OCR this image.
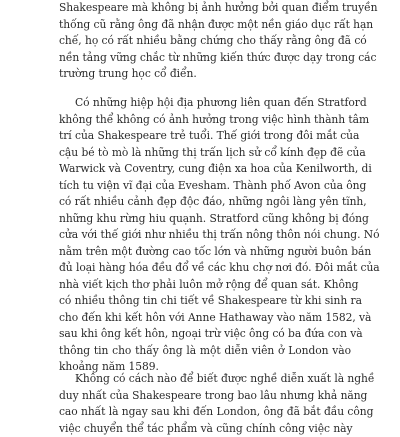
Shakespeare mà không bị ảnh hưởng bởi quan điểm truyền
thống cũ rằng ông đã nhận được một nền giáo dục rất hạn
chế, họ có rất nhiều bằng chứng cho thấy rằng ông đã có
nền tảng vững chắc từ những kiến thức được dạy trong các
trường trung học cổ điển.
Có những hiệp hội địa phương liên quan đến Stratford
không thể không có ảnh hưởng trong việc hình thành tâm
trí của Shakespeare trẻ tuổi. Thế giới trong đôi mắt của
cậu bé tò mò là những thị trấn lịch sử cổ kính đẹp đẽ của
Warwick và Coventry, cung điện xa hoa của Kenilworth, di
tích tu viện vĩ đại của Evesham. Thành phố Avon của ông
có rất nhiều cảnh đẹp độc đáo, những ngôi làng yên tĩnh,
những khu rừng hiu quạnh. Stratford cũng không bị đóng
cửa với thế giới như nhiều thị trấn nông thôn nói chung. Nó
nằm trên một đường cao tốc lớn và những người buôn bán
đủ loại hàng hóa đều đổ về các khu chợ nơi đó. Đôi mắt của
nhà viết kịch thơ phải luôn mở rộng để quan sát. Không
có nhiều thông tin chi tiết về Shakespeare từ khi sinh ra
cho đến khi kết hôn với Anne Hathaway vào năm 1582, và
sau khi ông kết hôn, ngoại trừ việc ông có ba đứa con và
thông tin cho thấy ông là một diễn viên ở London vào
khoảng năm 1589.
Không có cách nào để biết được nghề diễn xuất là nghề
duy nhất của Shakespeare trong bao lâu nhưng khả năng
cao nhất là ngay sau khi đến London, ông đã bắt đầu công
việc chuyển thể tác phẩm và cũng chính công việc này
